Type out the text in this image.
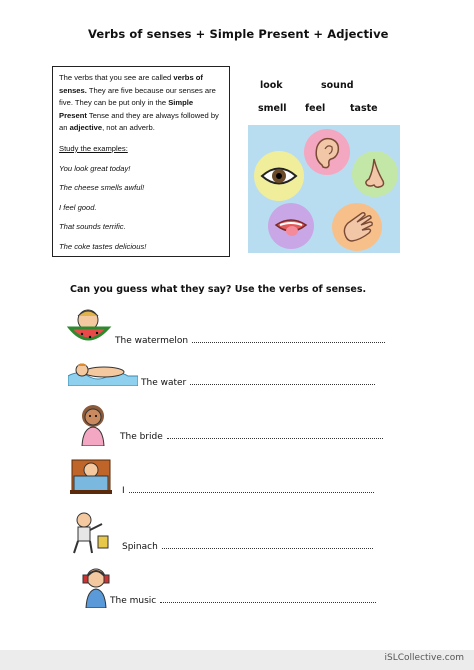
Verbs of senses + Simple Present + Adjective

The verbs that you see are called verbs of senses. They are five because our senses are five. They can be put only in the Simple Present Tense and they are always followed by an adjective, not an adverb.

Study the examples:

You look great today!

The cheese smells awful!

I feel good.

That sounds terrific.

The coke tastes delicious!

look	sound
smell feel	taste
Can you guess what they say? Use the verbs of senses.
The watermelon
The water
The bride
I
Spinach
The music
iSLCollective.com
